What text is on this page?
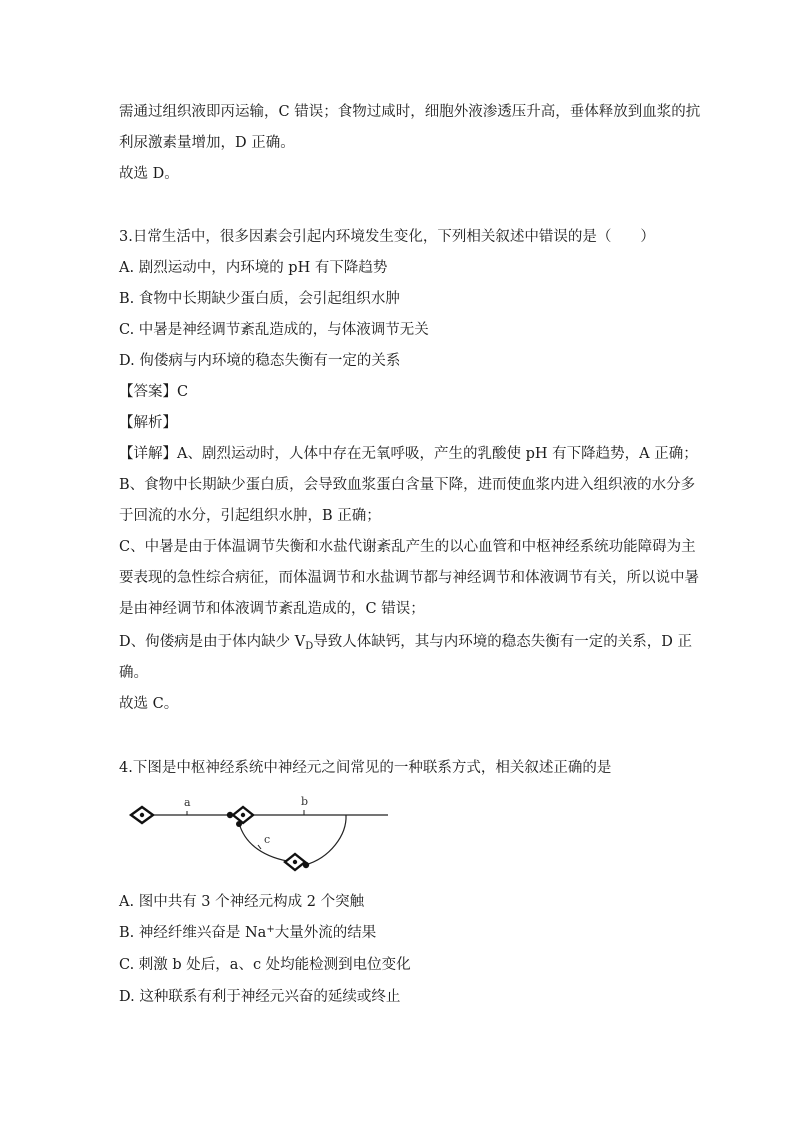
需通过组织液即丙运输，C 错误；食物过咸时，细胞外液渗透压升高，垂体释放到血浆的抗

利尿激素量增加，D 正确。

故选 D。

3.日常生活中，很多因素会引起内环境发生变化，下列相关叙述中错误的是（　　）

A. 剧烈运动中，内环境的 pH 有下降趋势

B. 食物中长期缺少蛋白质，会引起组织水肿

C. 中暑是神经调节紊乱造成的，与体液调节无关

D. 佝偻病与内环境的稳态失衡有一定的关系

【答案】C

【解析】

【详解】A、剧烈运动时，人体中存在无氧呼吸，产生的乳酸使 pH 有下降趋势，A 正确；

B、食物中长期缺少蛋白质，会导致血浆蛋白含量下降，进而使血浆内进入组织液的水分多

于回流的水分，引起组织水肿，B 正确；

C、中暑是由于体温调节失衡和水盐代谢紊乱产生的以心血管和中枢神经系统功能障碍为主

要表现的急性综合病征，而体温调节和水盐调节都与神经调节和体液调节有关，所以说中暑

是由神经调节和体液调节紊乱造成的，C 错误；

D、佝偻病是由于体内缺少 $V_D$导致人体缺钙，其与内环境的稳态失衡有一定的关系，D 正

确。

故选 C。

4.下图是中枢神经系统中神经元之间常见的一种联系方式，相关叙述正确的是

a	b
c

A. 图中共有 3 个神经元构成 2 个突触

B. 神经纤维兴奋是 Na+大量外流的结果

C. 刺激 b 处后，a、c 处均能检测到电位变化

D. 这种联系有利于神经元兴奋的延续或终止
